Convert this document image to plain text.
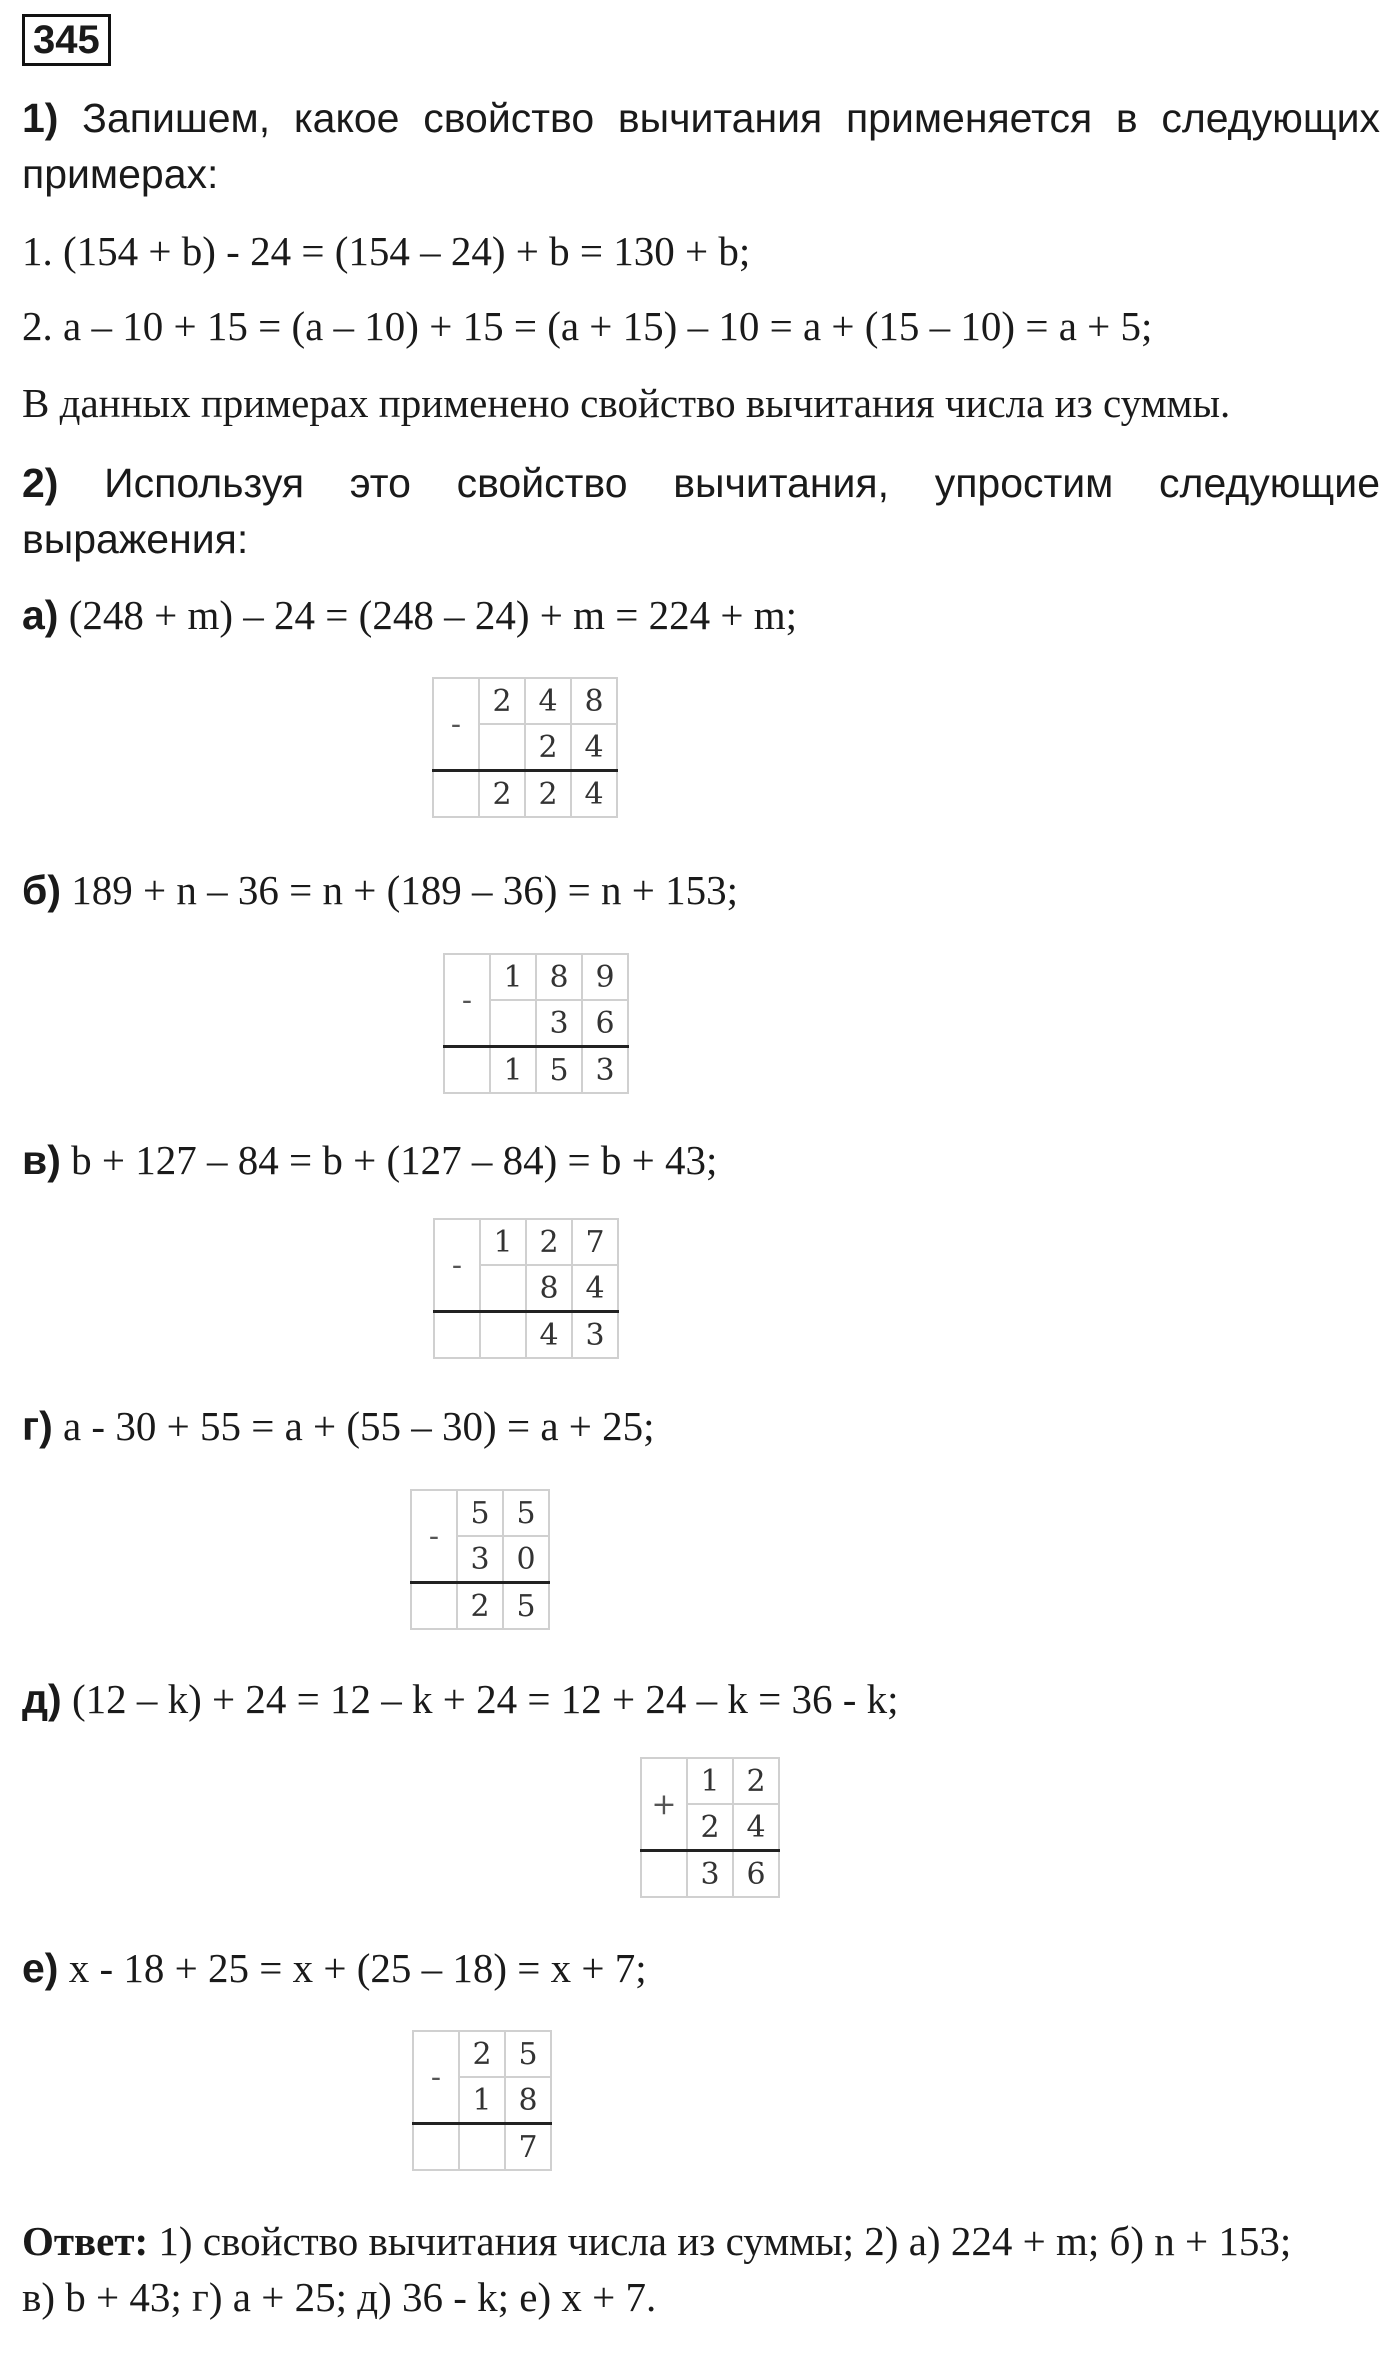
345
1) Запишем, какое свойство вычитания применяется в следующих примерах:
1. (154 + b) - 24 = (154 – 24) + b = 130 + b;
2. a – 10 + 15 = (a – 10) + 15 = (a + 15) – 10 = a + (15 – 10) = a + 5;
В данных примерах применено свойство вычитания числа из суммы.
2) Используя это свойство вычитания, упростим следующие выражения:
а) (248 + m) – 24 = (248 – 24) + m = 224 + m;
-	2	4	8
		2	4
	2	2	4
б) 189 + n – 36 = n + (189 – 36) = n + 153;
-	1	8	9
		3	6
	1	5	3
в) b + 127 – 84 = b + (127 – 84) = b + 43;
-	1	2	7
		8	4
		4	3
г) a - 30 + 55 = a + (55 – 30) = a + 25;
-	5	5
	3	0
	2	5
д) (12 – k) + 24 = 12 – k + 24 = 12 + 24 – k = 36 - k;
+	1	2
	2	4
	3	6
е) x - 18 + 25 = x + (25 – 18) = x + 7;
-	2	5
	1	8
		7
Ответ: 1) свойство вычитания числа из суммы; 2) а) 224 + m; б) n + 153;
в) b + 43; г) a + 25; д) 36 - k; е) x + 7.
